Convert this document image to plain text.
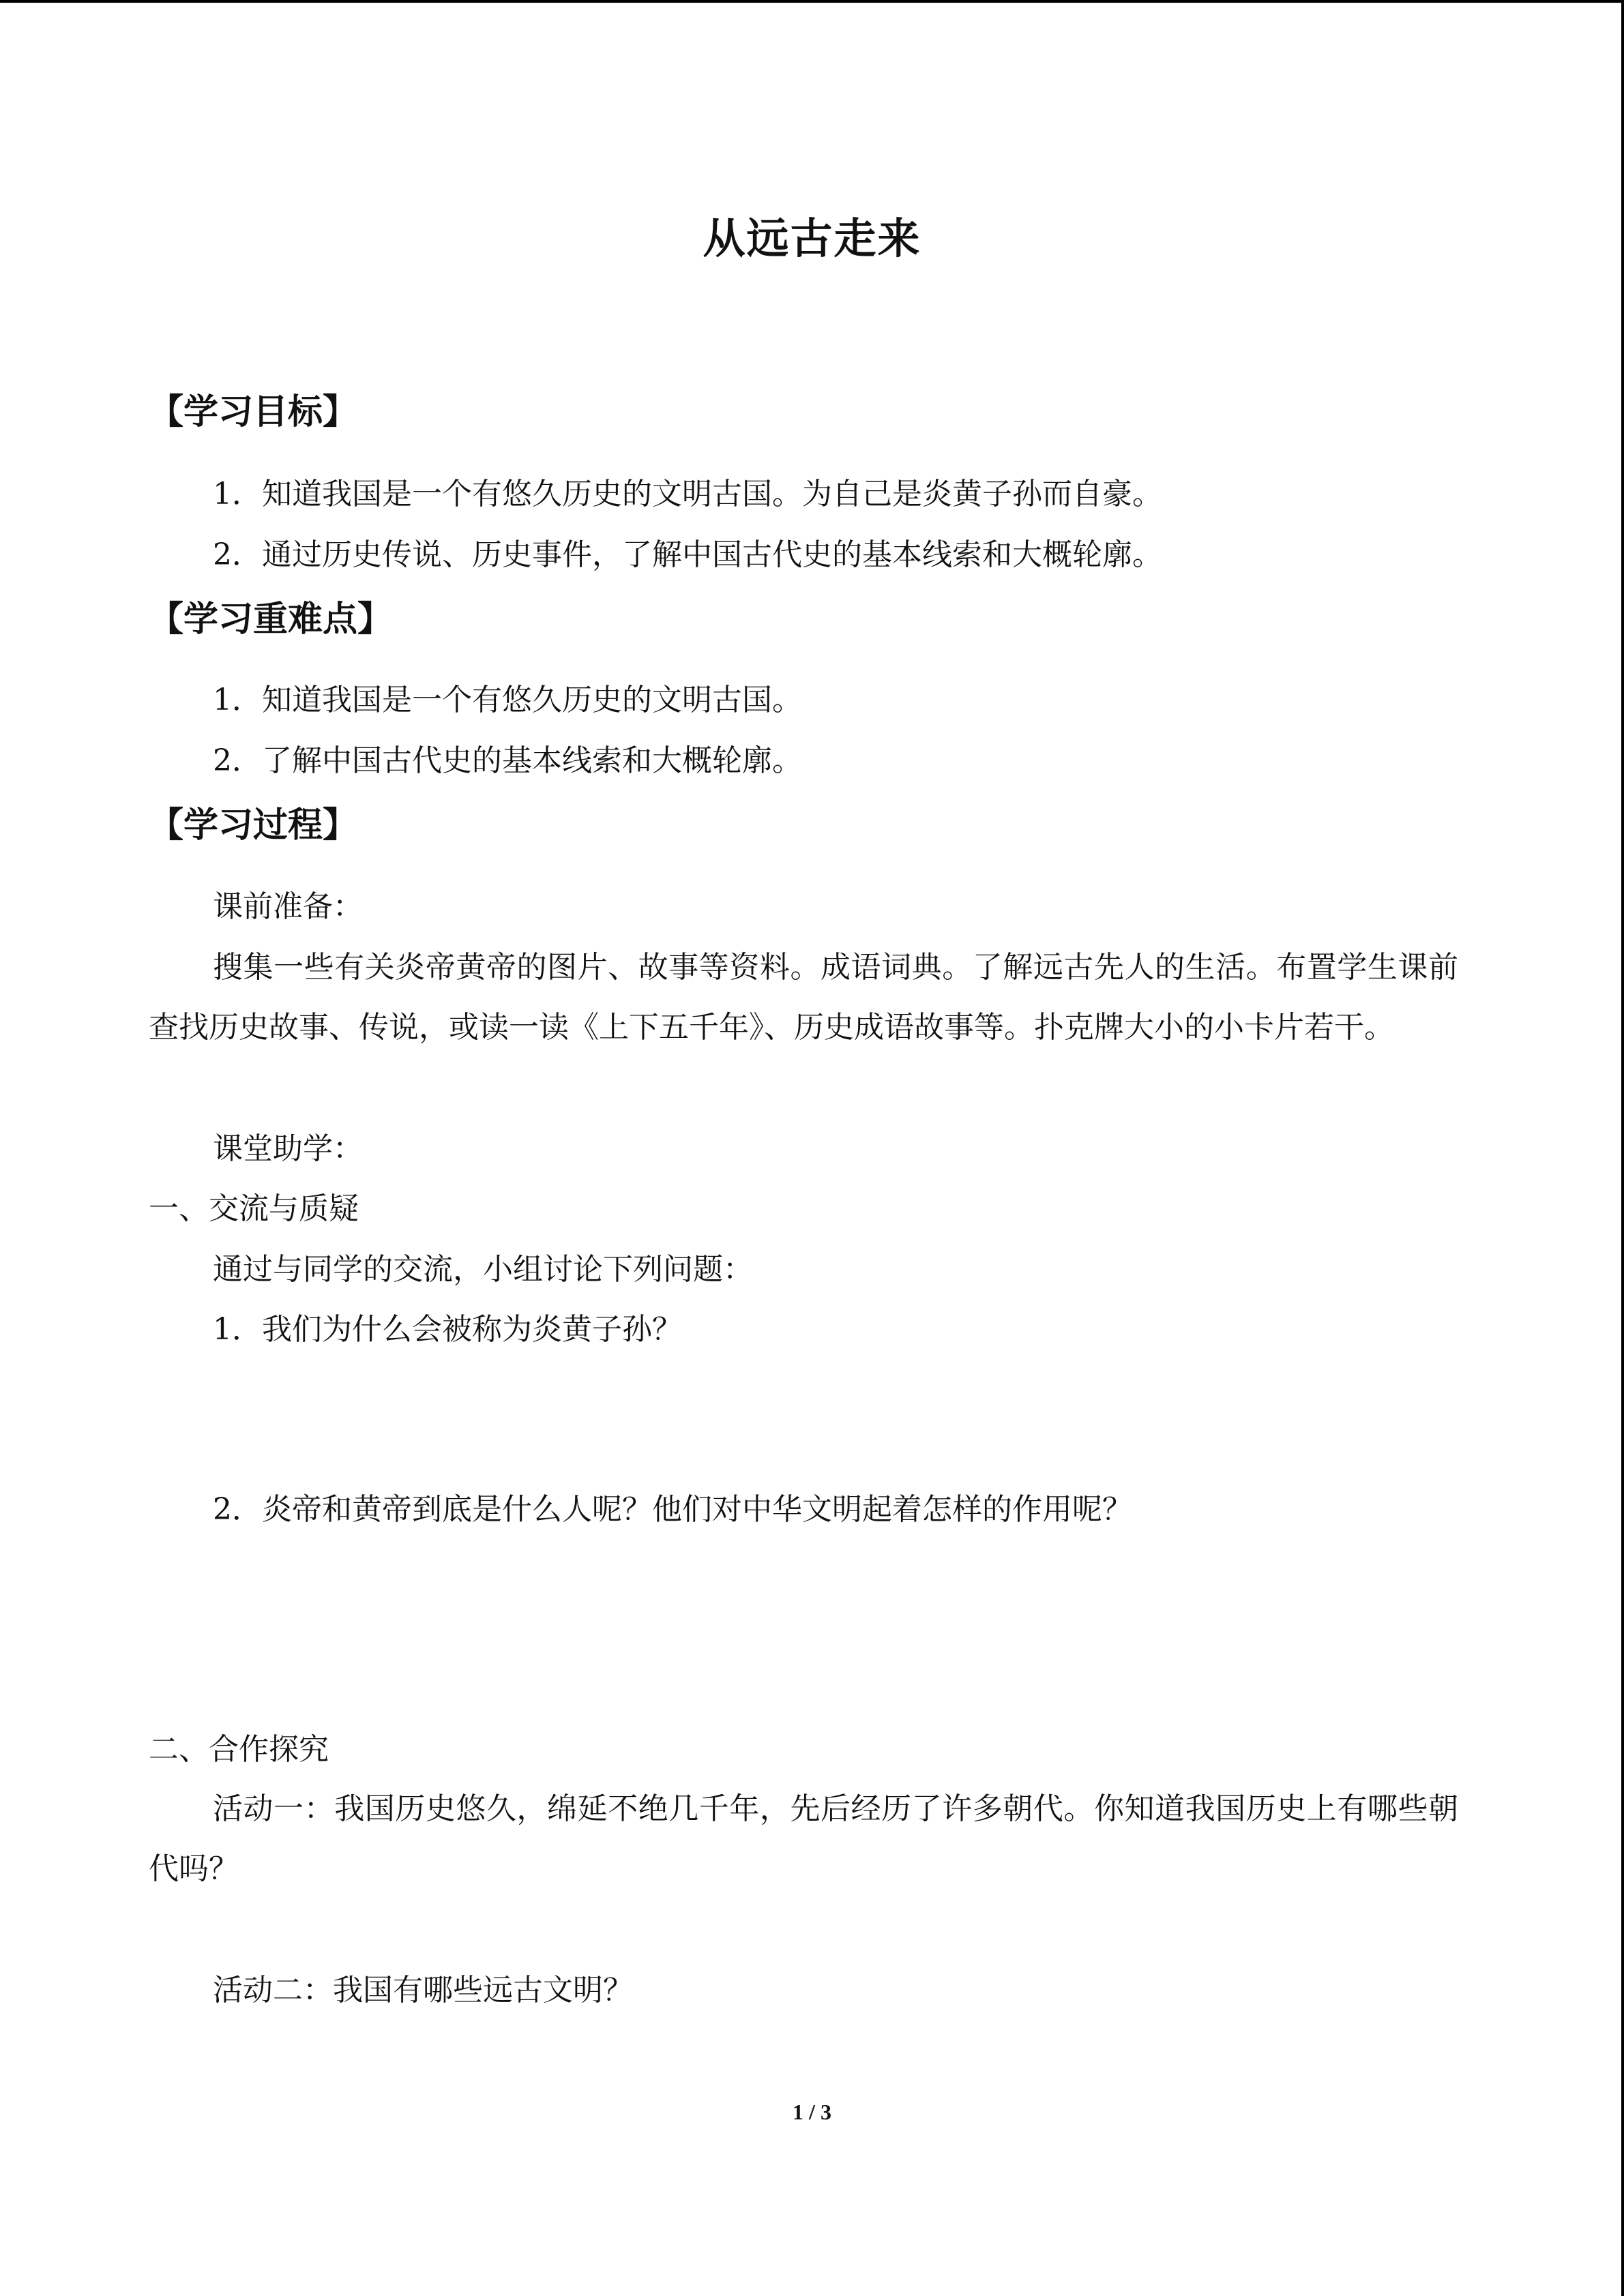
从远古走来
【学习目标】
1．知道我国是一个有悠久历史的文明古国。为自己是炎黄子孙而自豪。
2．通过历史传说、历史事件，了解中国古代史的基本线索和大概轮廓。
【学习重难点】
1．知道我国是一个有悠久历史的文明古国。
2．了解中国古代史的基本线索和大概轮廓。
【学习过程】
课前准备：
搜集一些有关炎帝黄帝的图片、故事等资料。成语词典。了解远古先人的生活。布置学生课前查找历史故事、传说，或读一读《上下五千年》、历史成语故事等。扑克牌大小的小卡片若干。
课堂助学：
一、交流与质疑
通过与同学的交流，小组讨论下列问题：
1．我们为什么会被称为炎黄子孙？
2．炎帝和黄帝到底是什么人呢？他们对中华文明起着怎样的作用呢？
二、合作探究
活动一：我国历史悠久，绵延不绝几千年，先后经历了许多朝代。你知道我国历史上有哪些朝代吗？
活动二：我国有哪些远古文明？
1 / 3
